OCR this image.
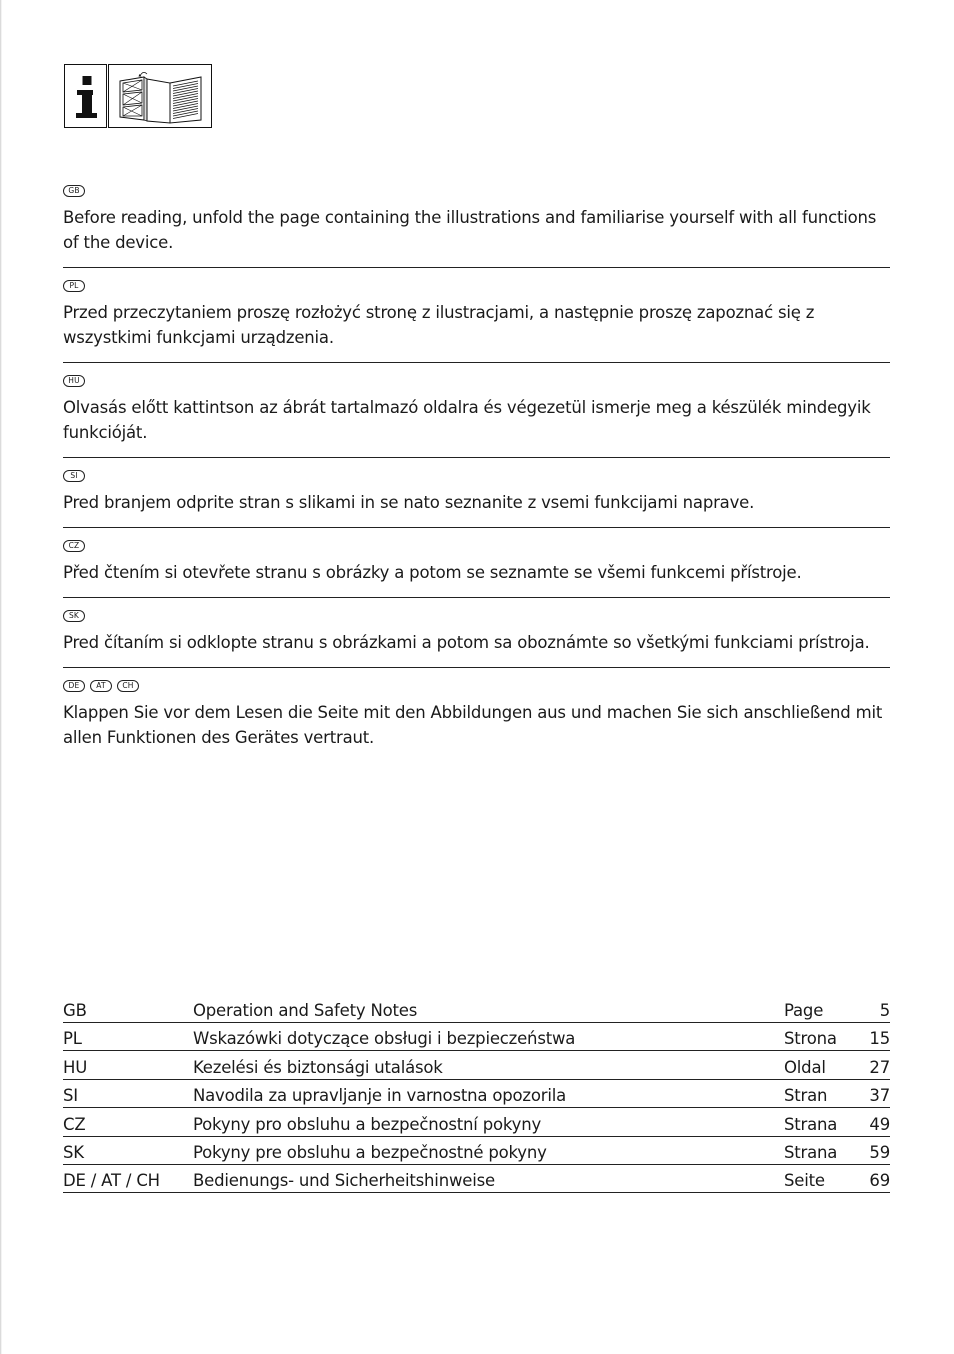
GB

Before reading, unfold the page containing the illustrations and familiarise yourself with all functions of the device.

PL

Przed przeczytaniem proszę rozłożyć stronę z ilustracjami, a następnie proszę zapoznać się z wszystkimi funkcjami urządzenia.

HU

Olvasás előtt kattintson az ábrát tartalmazó oldalra és végezetül ismerje meg a készülék mindegyik funkcióját.

SI

Pred branjem odprite stran s slikami in se nato seznanite z vsemi funkcijami naprave.

CZ

Před čtením si otevřete stranu s obrázky a potom se seznamte se všemi funkcemi přístroje.

SK

Pred čítaním si odklopte stranu s obrázkami a potom sa oboznámte so všetkými funkciami prístroja.

DE	AT	CH

Klappen Sie vor dem Lesen die Seite mit den Abbildungen aus und machen Sie sich anschließend mit allen Funktionen des Gerätes vertraut.

GB	Operation and Safety Notes	Page	5
PL	Wskazówki dotyczące obsługi i bezpieczeństwa	Strona	15
HU	Kezelési és biztonsági utalások	Oldal	27
SI	Navodila za upravljanje in varnostna opozorila	Stran	37
CZ	Pokyny pro obsluhu a bezpečnostní pokyny	Strana	49
SK	Pokyny pre obsluhu a bezpečnostné pokyny	Strana	59
DE / AT / CH	Bedienungs- und Sicherheitshinweise	Seite	69
